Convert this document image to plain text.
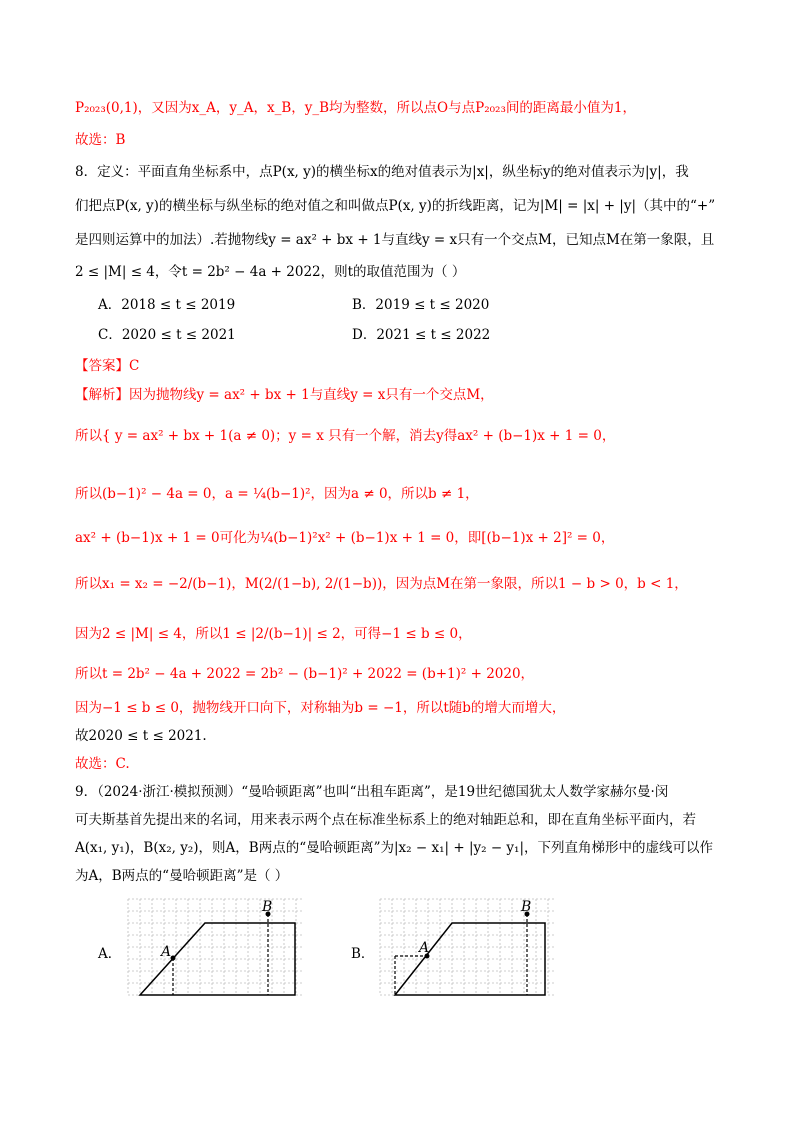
P₂₀₂₃(0,1)，又因为x_A，y_A，x_B，y_B均为整数，所以点O与点P₂₀₂₃间的距离最小值为1，
故选：B
8．定义：平面直角坐标系中，点P(x, y)的横坐标x的绝对值表示为|x|，纵坐标y的绝对值表示为|y|，我
们把点P(x, y)的横坐标与纵坐标的绝对值之和叫做点P(x, y)的折线距离，记为|M| = |x| + |y|（其中的“+”
是四则运算中的加法）.若抛物线y = ax² + bx + 1与直线y = x只有一个交点M，已知点M在第一象限，且
2 ≤ |M| ≤ 4，令t = 2b² − 4a + 2022，则t的取值范围为（ ）
A．2018 ≤ t ≤ 2019	B．2019 ≤ t ≤ 2020
C．2020 ≤ t ≤ 2021	D．2021 ≤ t ≤ 2022
【答案】C
【解析】因为抛物线y = ax² + bx + 1与直线y = x只有一个交点M，
所以{ y = ax² + bx + 1(a ≠ 0)；y = x 只有一个解，消去y得ax² + (b−1)x + 1 = 0，
所以(b−1)² − 4a = 0，a = ¼(b−1)²，因为a ≠ 0，所以b ≠ 1，
ax² + (b−1)x + 1 = 0可化为¼(b−1)²x² + (b−1)x + 1 = 0，即[(b−1)x + 2]² = 0，
所以x₁ = x₂ = −2/(b−1)，M(2/(1−b), 2/(1−b))，因为点M在第一象限，所以1 − b > 0，b < 1，
因为2 ≤ |M| ≤ 4，所以1 ≤ |2/(b−1)| ≤ 2，可得−1 ≤ b ≤ 0，
所以t = 2b² − 4a + 2022 = 2b² − (b−1)² + 2022 = (b+1)² + 2020，
因为−1 ≤ b ≤ 0，抛物线开口向下，对称轴为b = −1，所以t随b的增大而增大，
故2020 ≤ t ≤ 2021.
故选：C.
9．（2024·浙江·模拟预测）“曼哈顿距离”也叫“出租车距离”，是19世纪德国犹太人数学家赫尔曼·闵
可夫斯基首先提出来的名词，用来表示两个点在标准坐标系上的绝对轴距总和，即在直角坐标平面内，若
A(x₁, y₁)，B(x₂, y₂)，则A，B两点的“曼哈顿距离”为|x₂ − x₁| + |y₂ − y₁|，下列直角梯形中的虚线可以作
为A，B两点的“曼哈顿距离”是（ ）
A．	A
B
B．	A
B
